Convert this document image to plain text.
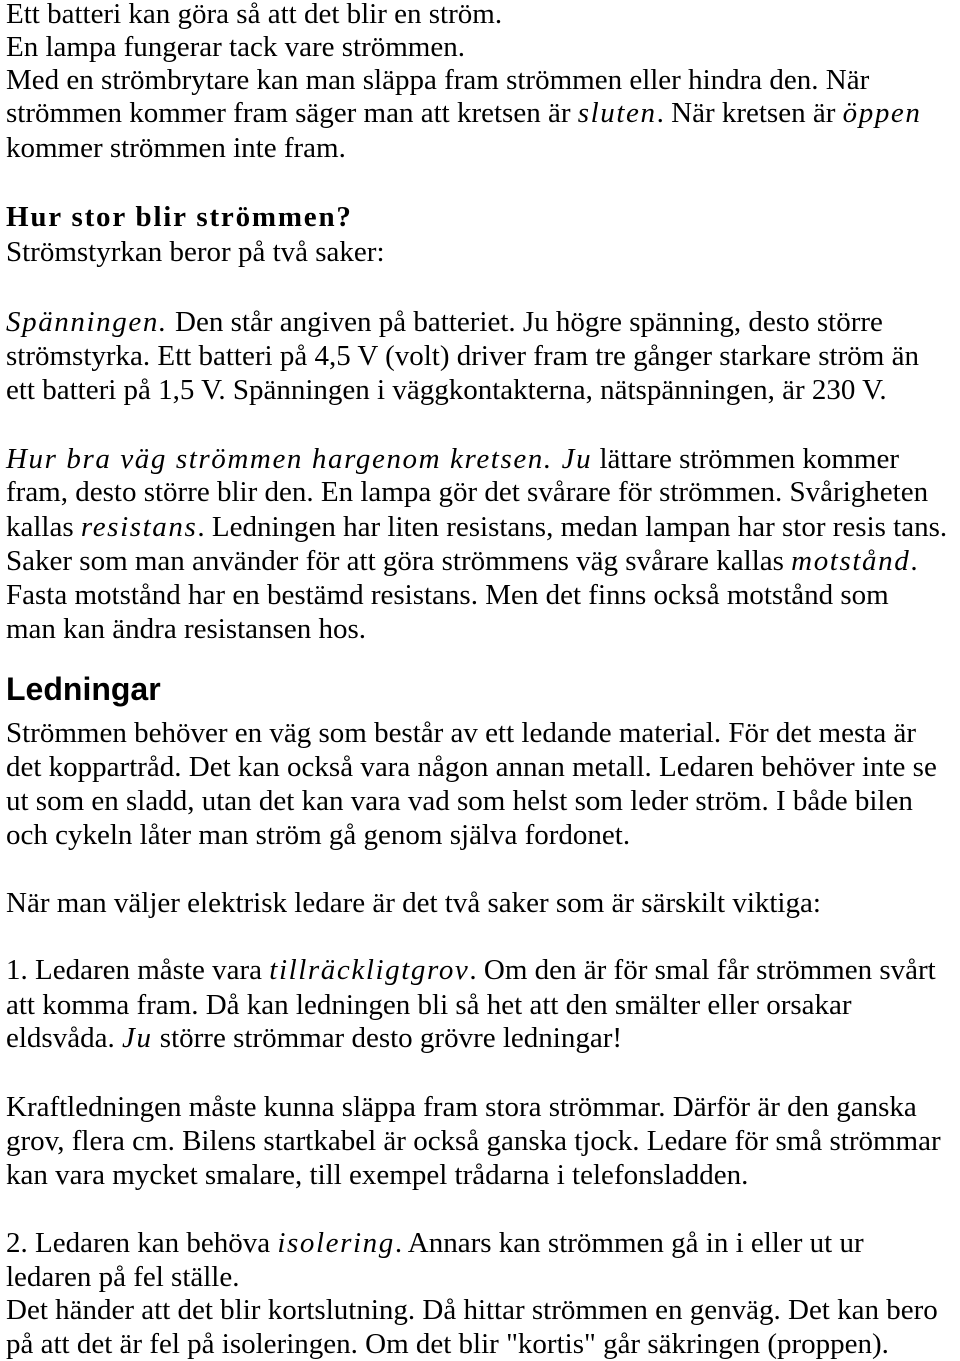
Ett batteri kan göra så att det blir en ström.
En lampa fungerar tack vare strömmen.
Med en strömbrytare kan man släppa fram strömmen eller hindra den. När
strömmen kommer fram säger man att kretsen är sluten. När kretsen är öppen
kommer strömmen inte fram.
Hur stor blir strömmen?
Strömstyrkan beror på två saker:
Spänningen. Den står angiven på batteriet. Ju högre spänning, desto större
strömstyrka. Ett batteri på 4,5 V (volt) driver fram tre gånger starkare ström än
ett batteri på 1,5 V. Spänningen i väggkontakterna, nätspänningen, är 230 V.
Hur bra väg strömmen hargenom kretsen. Ju lättare strömmen kommer
fram, desto större blir den. En lampa gör det svårare för strömmen. Svårigheten
kallas resistans. Ledningen har liten resistans, medan lampan har stor resis tans.
Saker som man använder för att göra strömmens väg svårare kallas motstånd.
Fasta motstånd har en bestämd resistans. Men det finns också motstånd som
man kan ändra resistansen hos.
Ledningar
Strömmen behöver en väg som består av ett ledande material. För det mesta är
det koppartråd. Det kan också vara någon annan metall. Ledaren behöver inte se
ut som en sladd, utan det kan vara vad som helst som leder ström. I både bilen
och cykeln låter man ström gå genom själva fordonet.
När man väljer elektrisk ledare är det två saker som är särskilt viktiga:
1. Ledaren måste vara tillräckligtgrov. Om den är för smal får strömmen svårt
att komma fram. Då kan ledningen bli så het att den smälter eller orsakar
eldsvåda. Ju större strömmar desto grövre ledningar!
Kraftledningen måste kunna släppa fram stora strömmar. Därför är den ganska
grov, flera cm. Bilens startkabel är också ganska tjock. Ledare för små strömmar
kan vara mycket smalare, till exempel trådarna i telefonsladden.
2. Ledaren kan behöva isolering. Annars kan strömmen gå in i eller ut ur
ledaren på fel ställe.
Det händer att det blir kortslutning. Då hittar strömmen en genväg. Det kan bero
på att det är fel på isoleringen. Om det blir "kortis" går säkringen (proppen).
